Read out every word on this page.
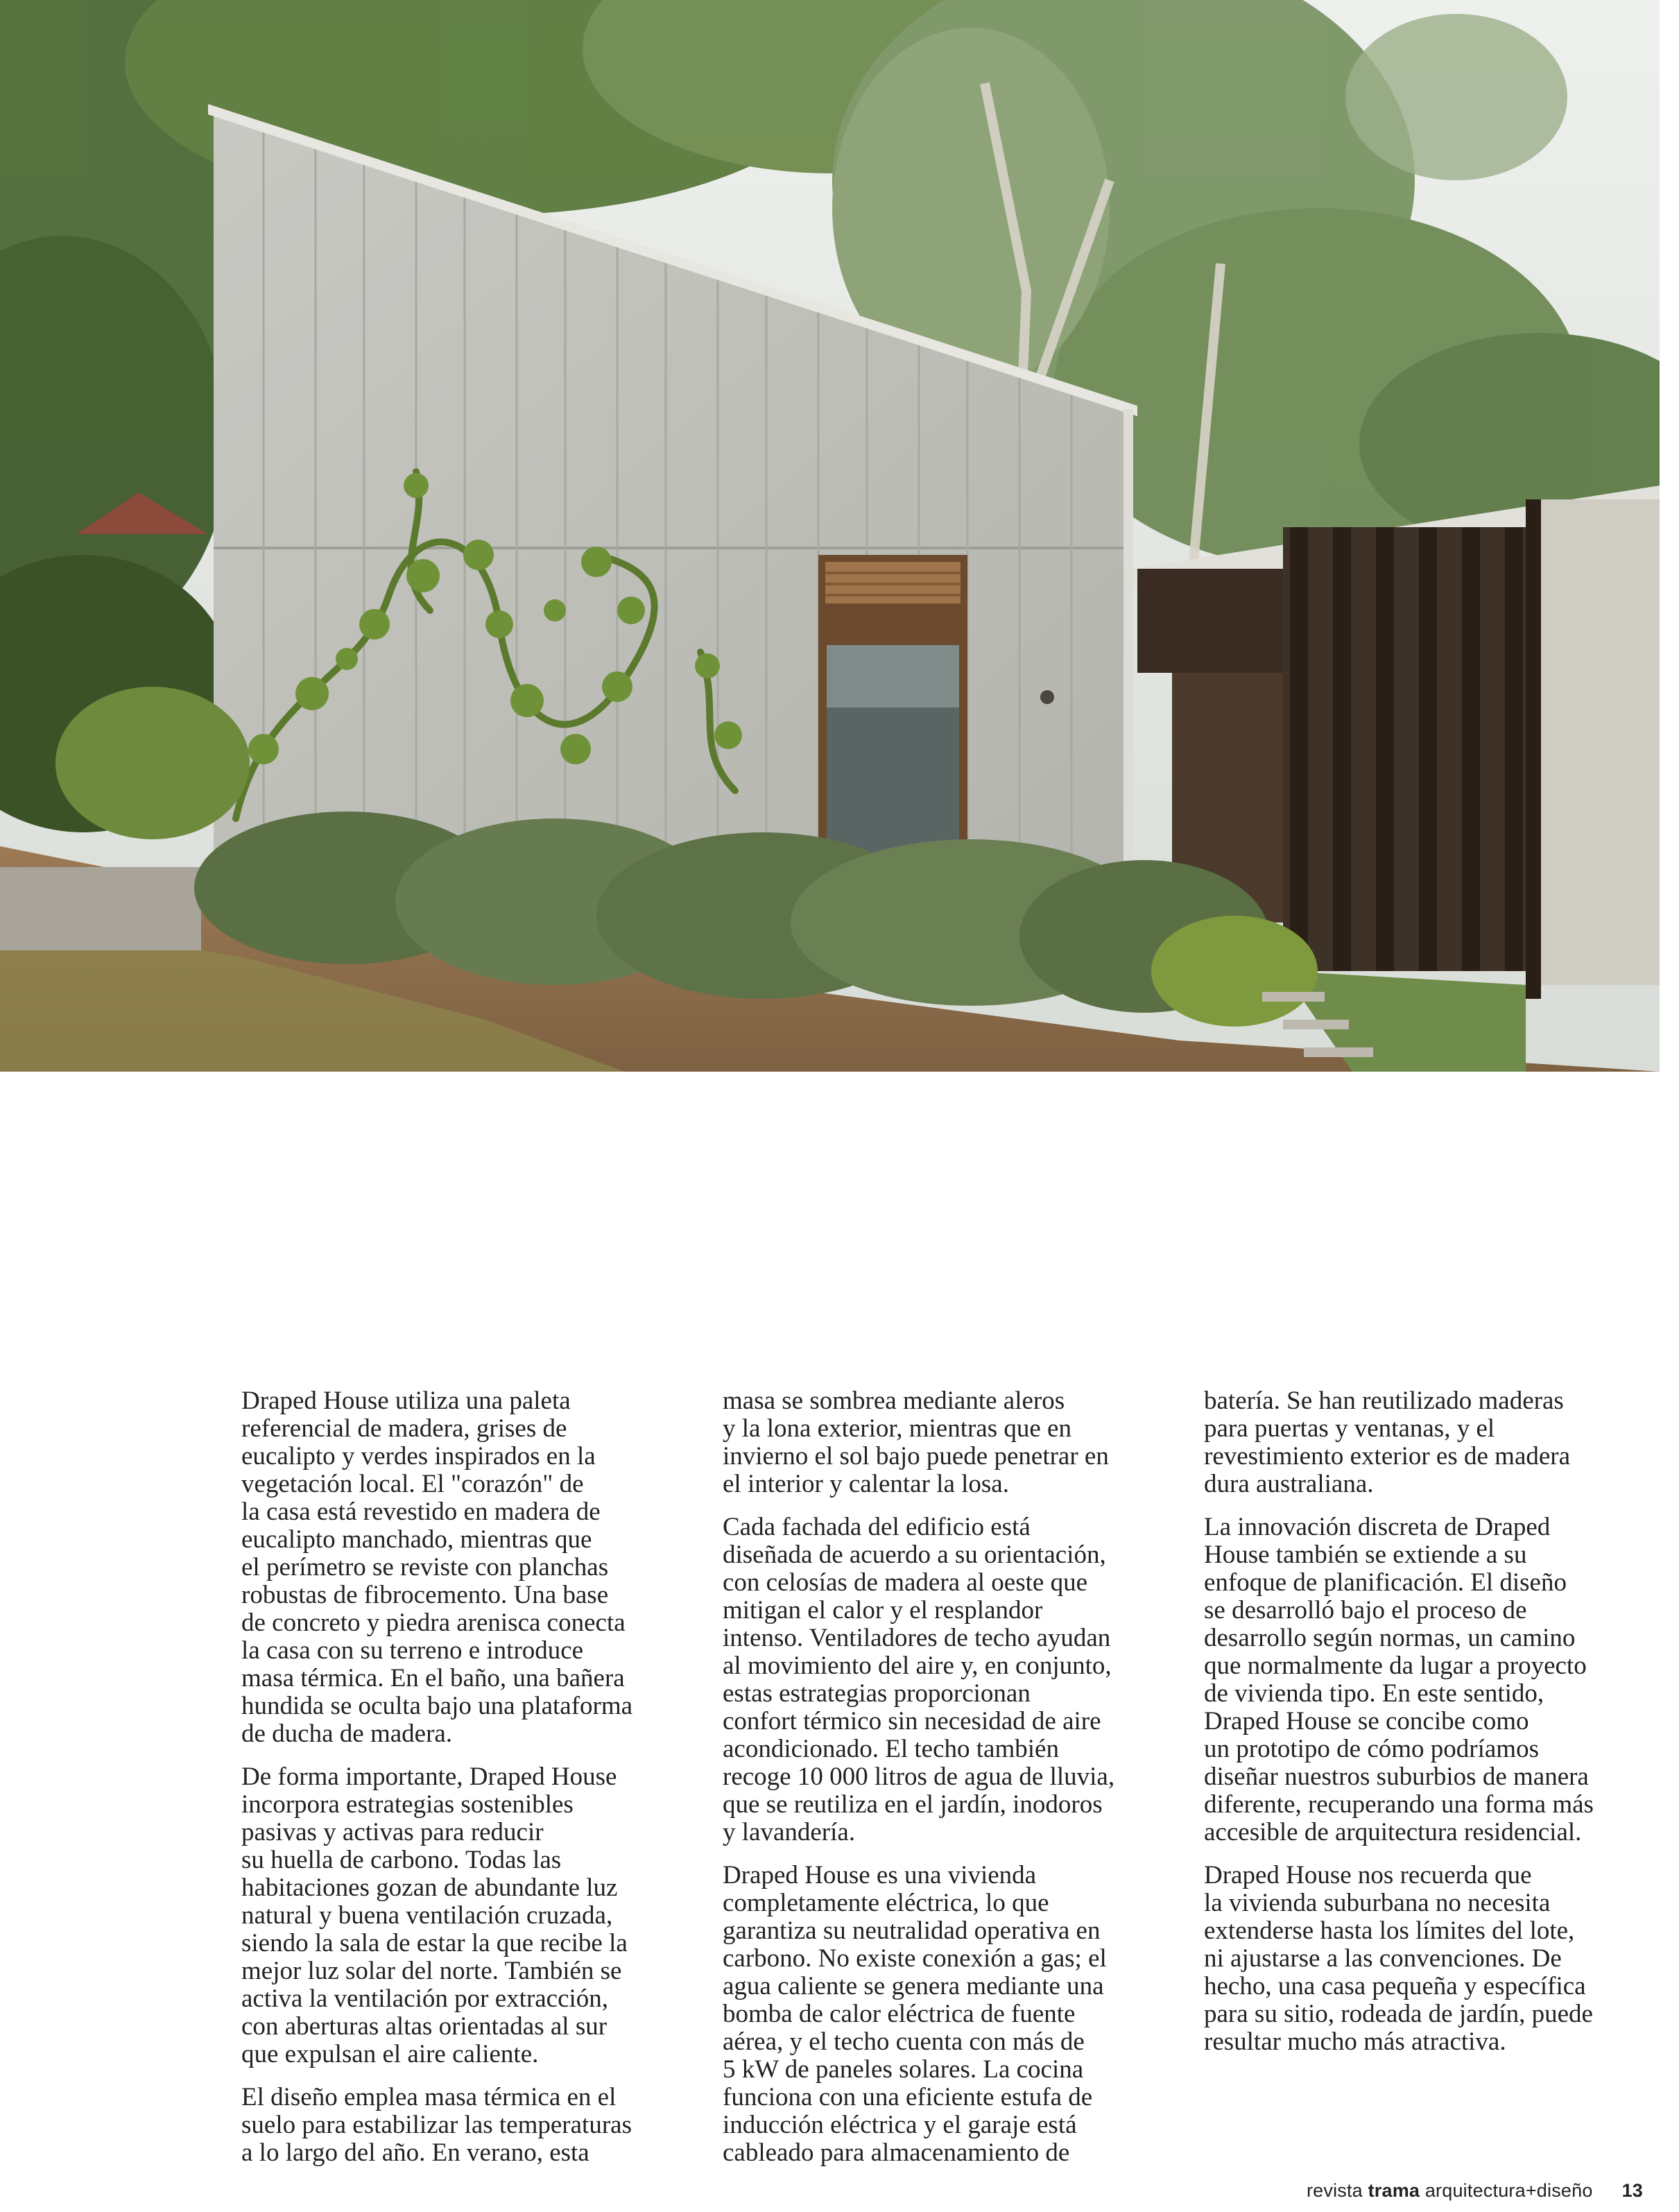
Draped House utiliza una paleta
referencial de madera, grises de
eucalipto y verdes inspirados en la
vegetación local. El "corazón" de
la casa está revestido en madera de
eucalipto manchado, mientras que
el perímetro se reviste con planchas
robustas de fibrocemento. Una base
de concreto y piedra arenisca conecta
la casa con su terreno e introduce
masa térmica. En el baño, una bañera
hundida se oculta bajo una plataforma
de ducha de madera.

De forma importante, Draped House
incorpora estrategias sostenibles
pasivas y activas para reducir
su huella de carbono. Todas las
habitaciones gozan de abundante luz
natural y buena ventilación cruzada,
siendo la sala de estar la que recibe la
mejor luz solar del norte. También se
activa la ventilación por extracción,
con aberturas altas orientadas al sur
que expulsan el aire caliente.

El diseño emplea masa térmica en el
suelo para estabilizar las temperaturas
a lo largo del año. En verano, esta

masa se sombrea mediante aleros
y la lona exterior, mientras que en
invierno el sol bajo puede penetrar en
el interior y calentar la losa.

Cada fachada del edificio está
diseñada de acuerdo a su orientación,
con celosías de madera al oeste que
mitigan el calor y el resplandor
intenso. Ventiladores de techo ayudan
al movimiento del aire y, en conjunto,
estas estrategias proporcionan
confort térmico sin necesidad de aire
acondicionado. El techo también
recoge 10 000 litros de agua de lluvia,
que se reutiliza en el jardín, inodoros
y lavandería.

Draped House es una vivienda
completamente eléctrica, lo que
garantiza su neutralidad operativa en
carbono. No existe conexión a gas; el
agua caliente se genera mediante una
bomba de calor eléctrica de fuente
aérea, y el techo cuenta con más de
5 kW de paneles solares. La cocina
funciona con una eficiente estufa de
inducción eléctrica y el garaje está
cableado para almacenamiento de

batería. Se han reutilizado maderas
para puertas y ventanas, y el
revestimiento exterior es de madera
dura australiana.

La innovación discreta de Draped
House también se extiende a su
enfoque de planificación. El diseño
se desarrolló bajo el proceso de
desarrollo según normas, un camino
que normalmente da lugar a proyecto
de vivienda tipo. En este sentido,
Draped House se concibe como
un prototipo de cómo podríamos
diseñar nuestros suburbios de manera
diferente, recuperando una forma más
accesible de arquitectura residencial.

Draped House nos recuerda que
la vivienda suburbana no necesita
extenderse hasta los límites del lote,
ni ajustarse a las convenciones. De
hecho, una casa pequeña y específica
para su sitio, rodeada de jardín, puede
resultar mucho más atractiva.

revista trama arquitectura+diseño 13
